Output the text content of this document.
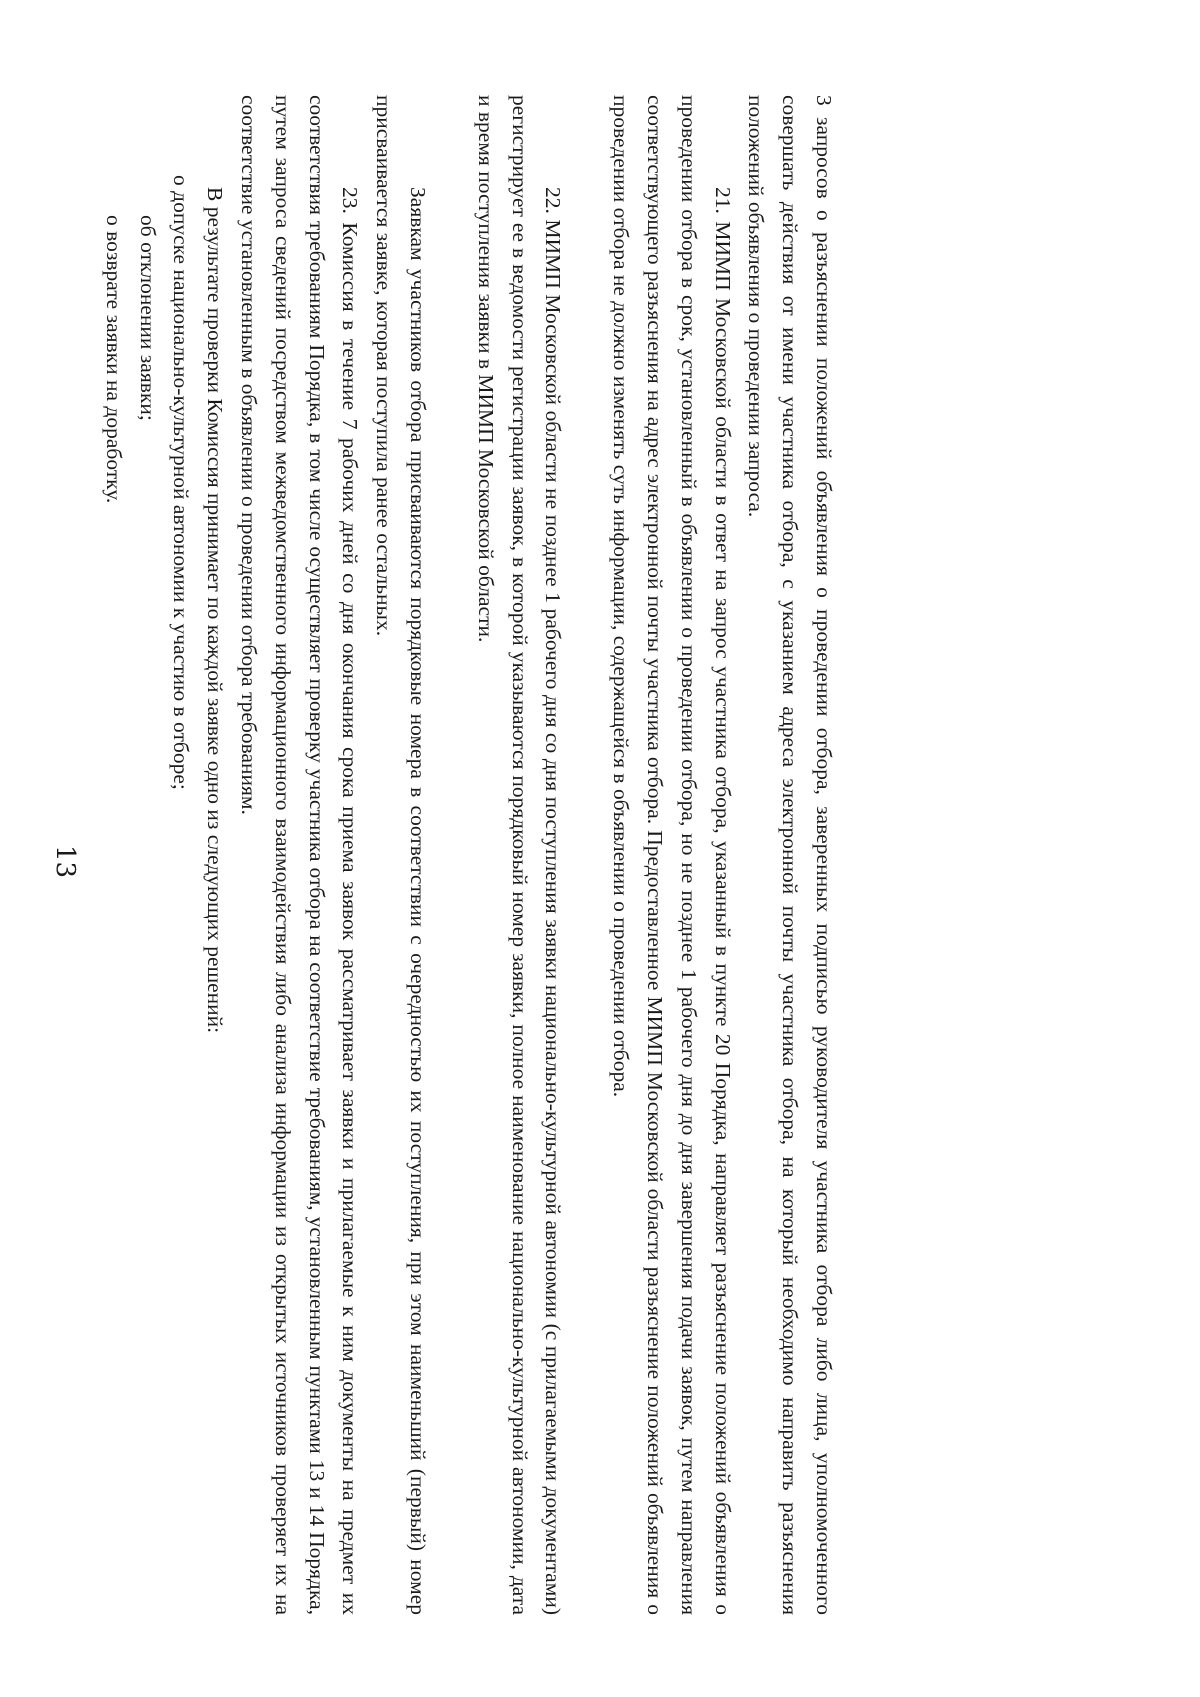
13	3 запросов о разъяснении положений объявления о проведении отбора, заверенных подписью руководителя участника отбора либо лица, уполномоченного совершать действия от имени участника отбора, с указанием адреса электронной почты участника отбора, на который необходимо направить разъяснения положений объявления о проведении запроса.

21. МИМП Московской области в ответ на запрос участника отбора, указанный в пункте 20 Порядка, направляет разъяснение положений объявления о проведении отбора в срок, установленный в объявлении о проведении отбора, но не позднее 1 рабочего дня до дня завершения подачи заявок, путем направления соответствующего разъяснения на адрес электронной почты участника отбора. Предоставленное МИМП Московской области разъяснение положений объявления о проведении отбора не должно изменять суть информации, содержащейся в объявлении о проведении отбора.

22. МИМП Московской области не позднее 1 рабочего дня со дня поступления заявки национально-культурной автономии (с прилагаемыми документами) регистрирует ее в ведомости регистрации заявок, в которой указываются порядковый номер заявки, полное наименование национально-культурной автономии, дата и время поступления заявки в МИМП Московской области.

Заявкам участников отбора присваиваются порядковые номера в соответствии с очередностью их поступления, при этом наименьший (первый) номер присваивается заявке, которая поступила ранее остальных.

23. Комиссия в течение 7 рабочих дней со дня окончания срока приема заявок рассматривает заявки и прилагаемые к ним документы на предмет их соответствия требованиям Порядка, в том числе осуществляет проверку участника отбора на соответствие требованиям, установленным пунктами 13 и 14 Порядка, путем запроса сведений посредством межведомственного информационного взаимодействия либо анализа информации из открытых источников проверяет их на соответствие установленным в объявлении о проведении отбора требованиям.

В результате проверки Комиссия принимает по каждой заявке одно из следующих решений:

о допуске национально-культурной автономии к участию в отборе;

об отклонении заявки;

о возврате заявки на доработку.
